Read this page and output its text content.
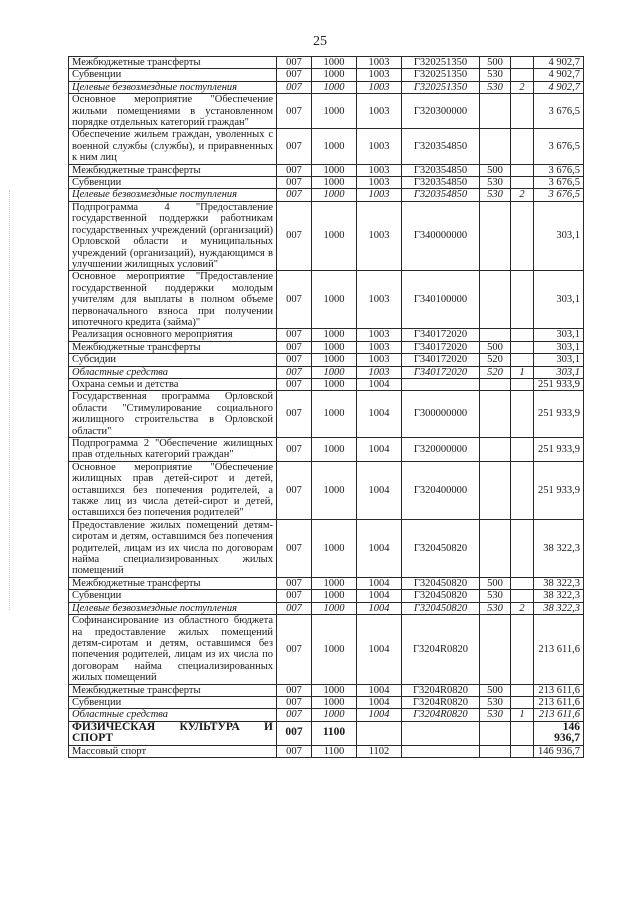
25
Межбюджетные трансферты	007	1000	1003	Г320251350	500		4 902,7
Субвенции	007	1000	1003	Г320251350	530		4 902,7
Целевые безвозмездные поступления	007	1000	1003	Г320251350	530	2	4 902,7
Основное мероприятие "Обеспечение жильми помещениями в установленном порядке отдельных категорий граждан"	007	1000	1003	Г320300000			3 676,5
Обеспечение жильем граждан, уволенных с военной службы (службы), и приравненных к ним лиц	007	1000	1003	Г320354850			3 676,5
Межбюджетные трансферты	007	1000	1003	Г320354850	500		3 676,5
Субвенции	007	1000	1003	Г320354850	530		3 676,5
Целевые безвозмездные поступления	007	1000	1003	Г320354850	530	2	3 676,5
Подпрограмма 4 "Предоставление государственной поддержки работникам государственных учреждений (организаций) Орловской области и муниципальных учреждений (организаций), нуждающимся в улучшении жилищных условий"	007	1000	1003	Г340000000			303,1
Основное мероприятие "Предоставление государственной поддержки молодым учителям для выплаты в полном объеме первоначального взноса при получении ипотечного кредита (займа)"	007	1000	1003	Г340100000			303,1
Реализация основного мероприятия	007	1000	1003	Г340172020			303,1
Межбюджетные трансферты	007	1000	1003	Г340172020	500		303,1
Субсидии	007	1000	1003	Г340172020	520		303,1
Областные средства	007	1000	1003	Г340172020	520	1	303,1
Охрана семьи и детства	007	1000	1004				251 933,9
Государственная программа Орловской области "Стимулирование социального жилищного строительства в Орловской области"	007	1000	1004	Г300000000			251 933,9
Подпрограмма 2 "Обеспечение жилищных прав отдельных категорий граждан"	007	1000	1004	Г320000000			251 933,9
Основное мероприятие "Обеспечение жилищных прав детей-сирот и детей, оставшихся без попечения родителей, а также лиц из числа детей-сирот и детей, оставшихся без попечения родителей"	007	1000	1004	Г320400000			251 933,9
Предоставление жилых помещений детям-сиротам и детям, оставшимся без попечения родителей, лицам из их числа по договорам найма специализированных жилых помещений	007	1000	1004	Г320450820			38 322,3
Межбюджетные трансферты	007	1000	1004	Г320450820	500		38 322,3
Субвенции	007	1000	1004	Г320450820	530		38 322,3
Целевые безвозмездные поступления	007	1000	1004	Г320450820	530	2	38 322,3
Софинансирование из областного бюджета на предоставление жилых помещений детям-сиротам и детям, оставшимся без попечения родителей, лицам из их числа по договорам найма специализированных жилых помещений	007	1000	1004	Г3204R0820			213 611,6
Межбюджетные трансферты	007	1000	1004	Г3204R0820	500		213 611,6
Субвенции	007	1000	1004	Г3204R0820	530		213 611,6
Областные средства	007	1000	1004	Г3204R0820	530	1	213 611,6
ФИЗИЧЕСКАЯ КУЛЬТУРА И СПОРТ	007	1100					146 936,7
Массовый спорт	007	1100	1102				146 936,7
